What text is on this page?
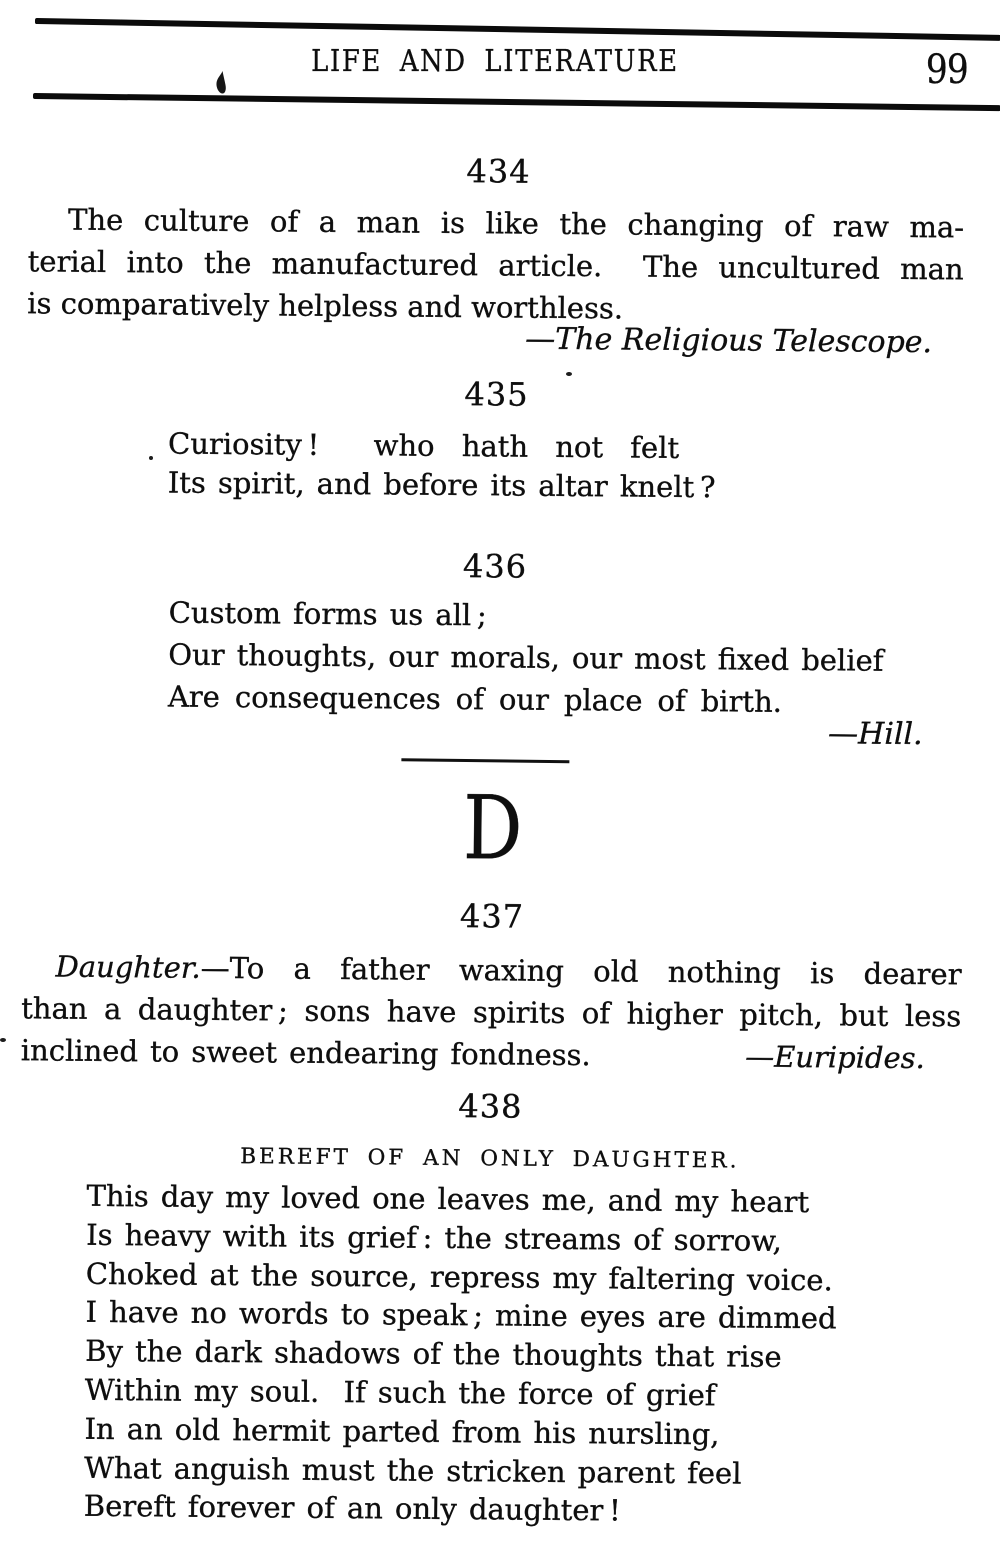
LIFE AND LITERATURE	99
434
The culture of a man is like the changing of raw ma-
terial into the manufactured article.  The uncultured man
is comparatively helpless and worthless.
—The Religious Telescope.
435
Curiosity !  who hath not felt
Its spirit, and before its altar knelt ?
436
Custom forms us all ;
Our thoughts, our morals, our most fixed belief
Are consequences of our place of birth.
—Hill.
D
437
Daughter.—To a father waxing old nothing is dearer
than a daughter ; sons have spirits of higher pitch, but less
inclined to sweet endearing fondness.	—Euripides.
438
BEREFT OF AN ONLY DAUGHTER.
This day my loved one leaves me, and my heart
Is heavy with its grief : the streams of sorrow,
Choked at the source, repress my faltering voice.
I have no words to speak ; mine eyes are dimmed
By the dark shadows of the thoughts that rise
Within my soul.  If such the force of grief
In an old hermit parted from his nursling,
What anguish must the stricken parent feel
Bereft forever of an only daughter !
